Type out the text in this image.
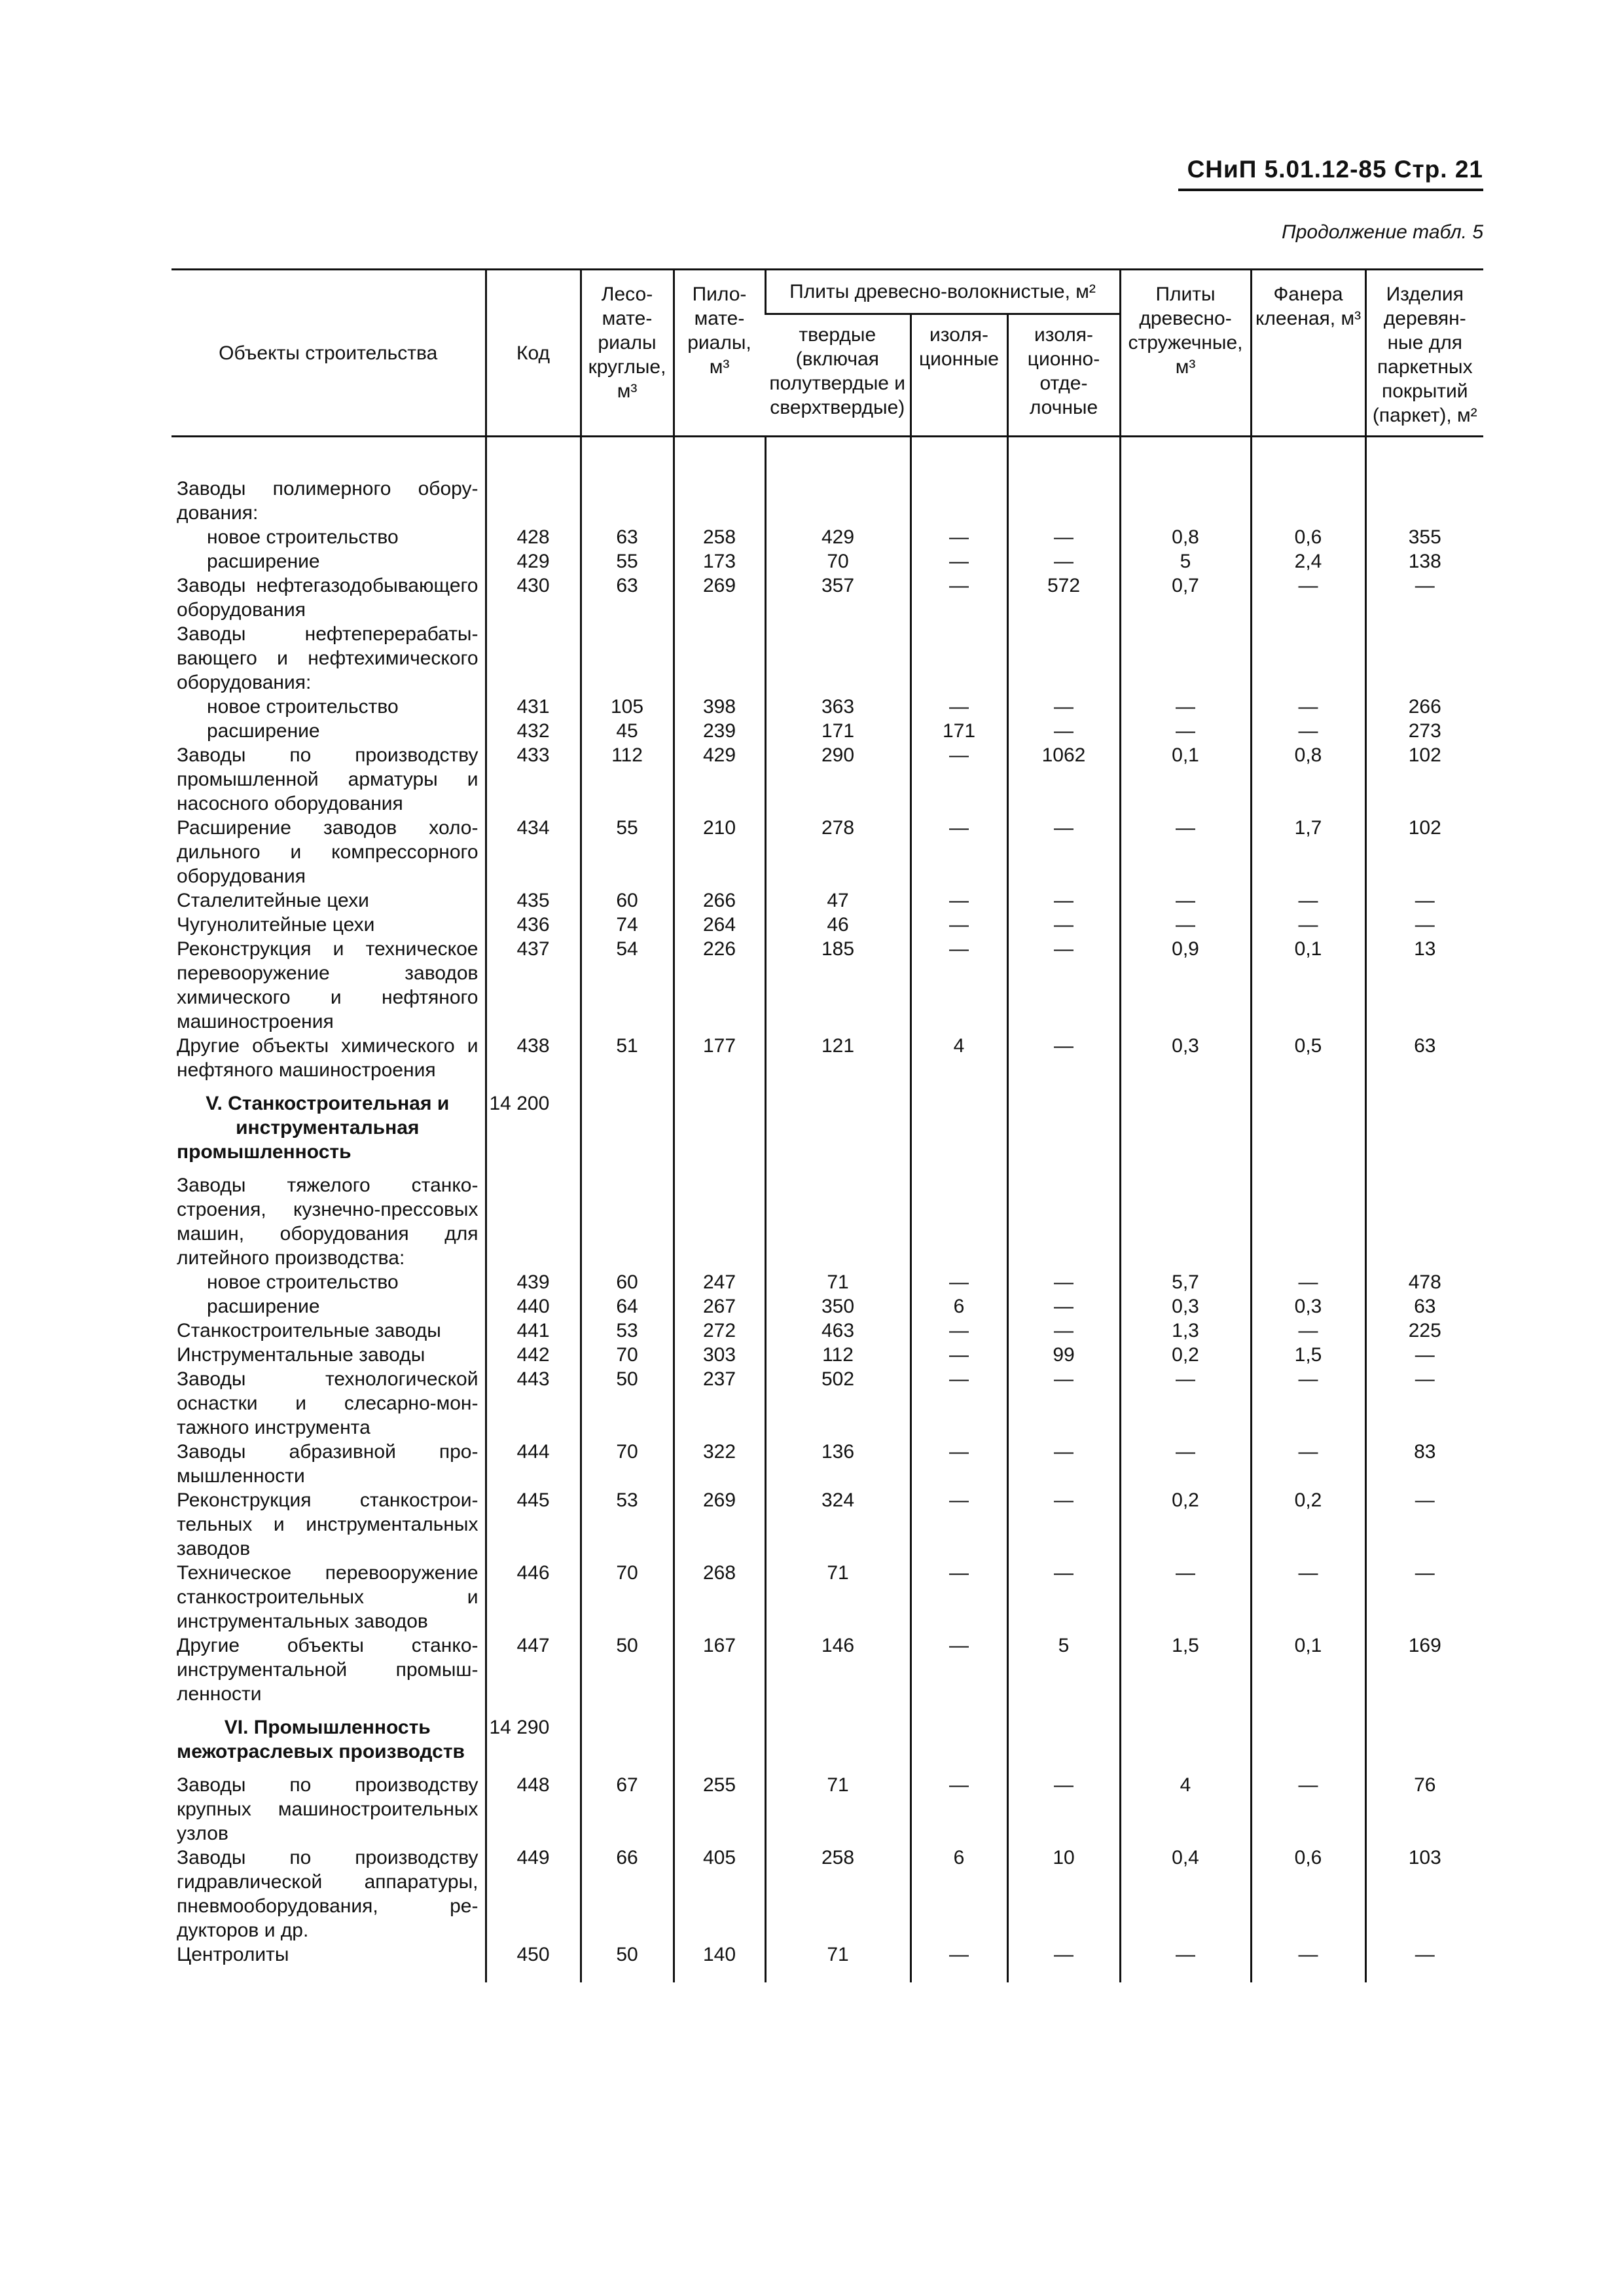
СНиП 5.01.12-85 Стр. 21
Продолжение табл. 5
Объекты строительства	Код	Лесоматериалы круглые, м³	Пиломатериалы, м³	Плиты древесно-волокнистые, м²			Плиты древесно-стружечные, м³	Фанера клееная, м³	Изделия деревянные для паркетных покрытий (паркет), м²
				твердые (включая полутвердые и сверхтвердые)	изоляционные	изоляционно-отделочные			
Заводы полимерного оборудования:									
новое строительство	428	63	258	429	—	—	0,8	0,6	355
расширение	429	55	173	70	—	—	5	2,4	138
Заводы нефтегазодобывающего оборудования	430	63	269	357	—	572	0,7	—	—
Заводы нефтеперерабатывающего и нефтехимического оборудования:									
новое строительство	431	105	398	363	—	—	—	—	266
расширение	432	45	239	171	171	—	—	—	273
Заводы по производству промышленной арматуры и насосного оборудования	433	112	429	290	—	1062	0,1	0,8	102
Расширение заводов холодильного и компрессорного оборудования	434	55	210	278	—	—	—	1,7	102
Сталелитейные цехи	435	60	266	47	—	—	—	—	—
Чугунолитейные цехи	436	74	264	46	—	—	—	—	—
Реконструкция и техническое перевооружение заводов химического и нефтяного машиностроения	437	54	226	185	—	—	0,9	0,1	13
Другие объекты химического и нефтяного машиностроения	438	51	177	121	4	—	0,3	0,5	63
V. Станкостроительная и инструментальная промышленность	14 200								
Заводы тяжелого станкостроения, кузнечно-прессовых машин, оборудования для литейного производства:									
новое строительство	439	60	247	71	—	—	5,7	—	478
расширение	440	64	267	350	6	—	0,3	0,3	63
Станкостроительные заводы	441	53	272	463	—	—	1,3	—	225
Инструментальные заводы	442	70	303	112	—	99	0,2	1,5	—
Заводы технологической оснастки и слесарно-монтажного инструмента	443	50	237	502	—	—	—	—	—
Заводы абразивной промышленности	444	70	322	136	—	—	—	—	83
Реконструкция станкостроительных и инструментальных заводов	445	53	269	324	—	—	0,2	0,2	—
Техническое перевооружение станкостроительных и инструментальных заводов	446	70	268	71	—	—	—	—	—
Другие объекты станкоинструментальной промышленности	447	50	167	146	—	5	1,5	0,1	169
VI. Промышленность межотраслевых производств	14 290								
Заводы по производству крупных машиностроительных узлов	448	67	255	71	—	—	4	—	76
Заводы по производству гидравлической аппаратуры, пневмооборудования, редукторов и др.	449	66	405	258	6	10	0,4	0,6	103
Центролиты	450	50	140	71	—	—	—	—	—
